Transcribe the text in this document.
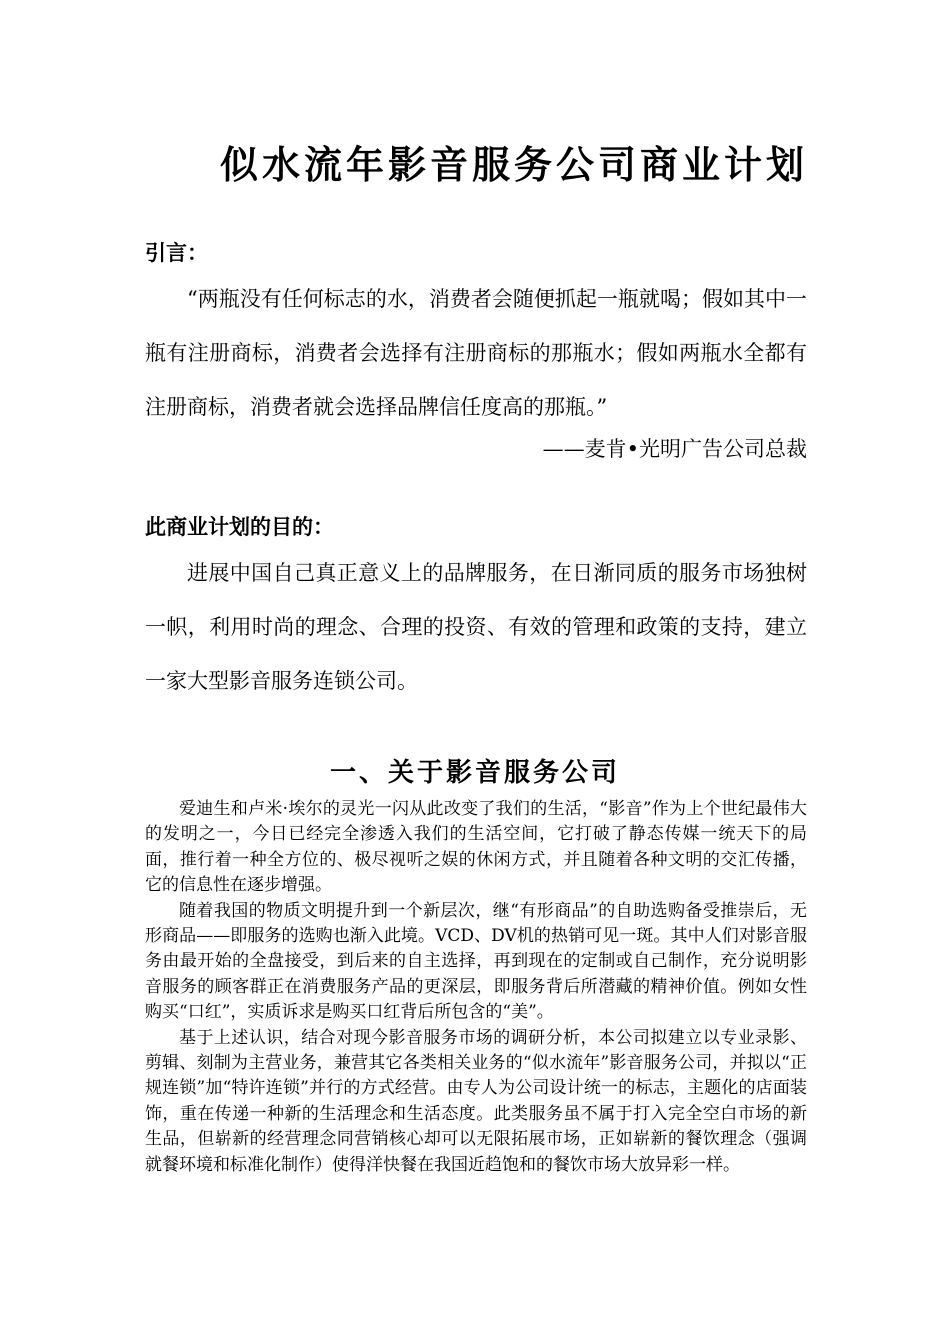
似水流年影音服务公司商业计划
引言：

“两瓶没有任何标志的水，消费者会随便抓起一瓶就喝；假如其中一瓶有注册商标，消费者会选择有注册商标的那瓶水；假如两瓶水全都有注册商标，消费者就会选择品牌信任度高的那瓶。”

——麦肯•光明广告公司总裁
此商业计划的目的：

进展中国自己真正意义上的品牌服务，在日渐同质的服务市场独树一帜，利用时尚的理念、合理的投资、有效的管理和政策的支持，建立一家大型影音服务连锁公司。

一、关于影音服务公司

爱迪生和卢米·埃尔的灵光一闪从此改变了我们的生活，“影音”作为上个世纪最伟大的发明之一，今日已经完全渗透入我们的生活空间，它打破了静态传媒一统天下的局面，推行着一种全方位的、极尽视听之娱的休闲方式，并且随着各种文明的交汇传播，它的信息性在逐步增强。

随着我国的物质文明提升到一个新层次，继“有形商品”的自助选购备受推崇后，无形商品——即服务的选购也渐入此境。VCD、DV机的热销可见一斑。其中人们对影音服务由最开始的全盘接受，到后来的自主选择，再到现在的定制或自己制作，充分说明影音服务的顾客群正在消费服务产品的更深层，即服务背后所潜藏的精神价值。例如女性购买“口红”，实质诉求是购买口红背后所包含的“美”。

基于上述认识，结合对现今影音服务市场的调研分析，本公司拟建立以专业录影、剪辑、刻制为主营业务，兼营其它各类相关业务的“似水流年”影音服务公司，并拟以“正规连锁”加“特许连锁”并行的方式经营。由专人为公司设计统一的标志，主题化的店面装饰，重在传递一种新的生活理念和生活态度。此类服务虽不属于打入完全空白市场的新生品，但崭新的经营理念同营销核心却可以无限拓展市场，正如崭新的餐饮理念（强调就餐环境和标准化制作）使得洋快餐在我国近趋饱和的餐饮市场大放异彩一样。
